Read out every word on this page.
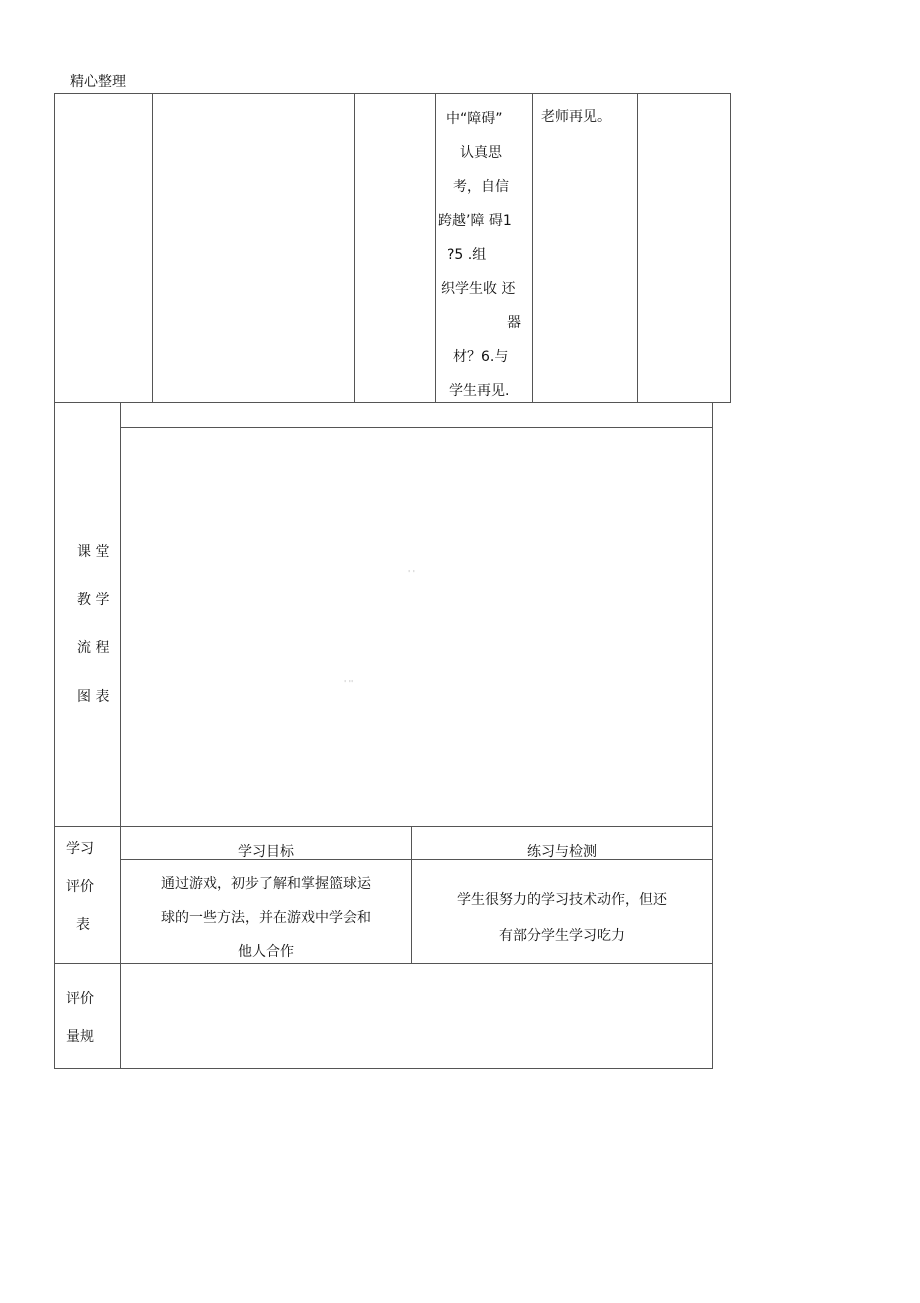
精心整理
中“障碍”
认真思
考，自信
跨越’障 碍1
?5 .组
织学生收 还
器
材？6.与
学生再见.
老师再见。
课 堂
教 学
流 程
图 表
' '
' ''
学习
评价
表
学习目标	练习与检测
通过游戏，初步了解和掌握篮球运
球的一些方法，并在游戏中学会和
他人合作
学生很努力的学习技术动作，但还
有部分学生学习吃力
评价
量规
